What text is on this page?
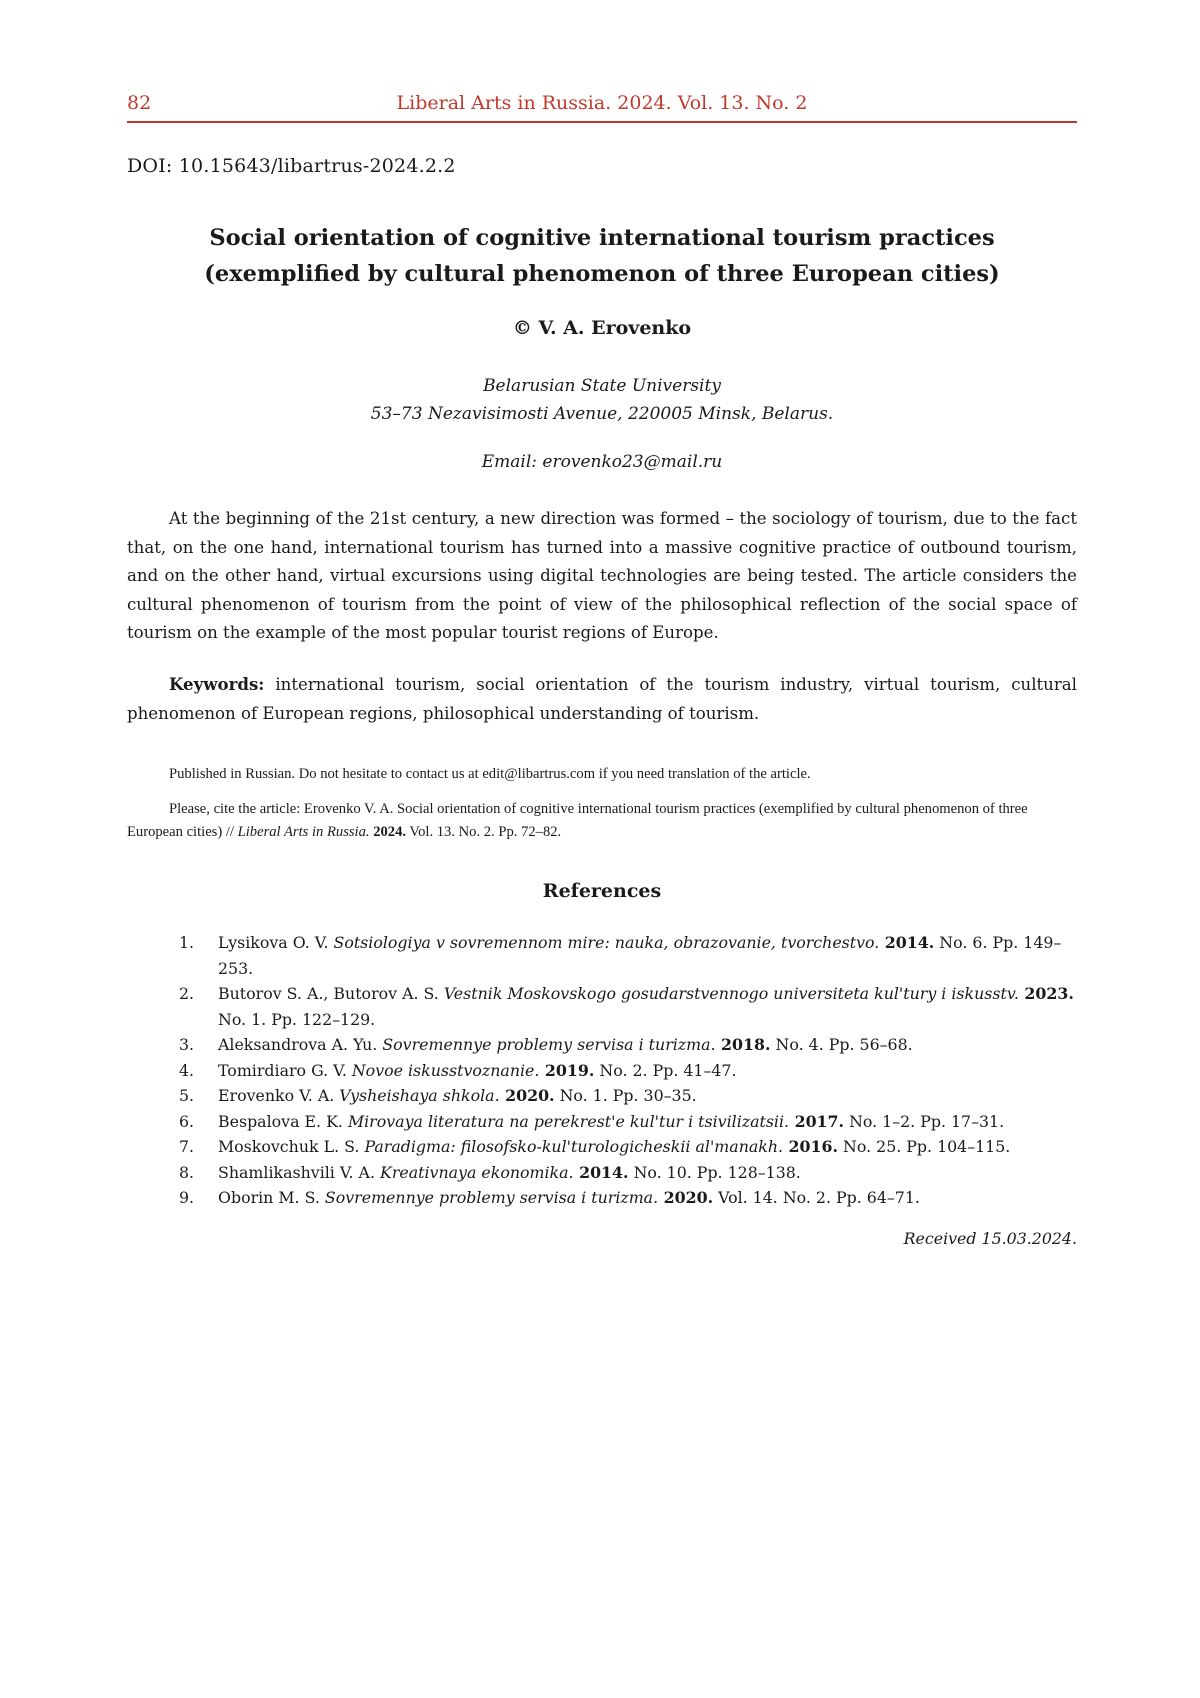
82	Liberal Arts in Russia. 2024. Vol. 13. No. 2
DOI: 10.15643/libartrus-2024.2.2
Social orientation of cognitive international tourism practices
(exemplified by cultural phenomenon of three European cities)
© V. A. Erovenko
Belarusian State University
53–73 Nezavisimosti Avenue, 220005 Minsk, Belarus.
Email: erovenko23@mail.ru

At the beginning of the 21st century, a new direction was formed – the sociology of tourism, due to the fact that, on the one hand, international tourism has turned into a massive cognitive practice of outbound tourism, and on the other hand, virtual excursions using digital technologies are being tested. The article considers the cultural phenomenon of tourism from the point of view of the philosophical reflection of the social space of tourism on the example of the most popular tourist regions of Europe.

Keywords: international tourism, social orientation of the tourism industry, virtual tourism, cultural phenomenon of European regions, philosophical understanding of tourism.

Published in Russian. Do not hesitate to contact us at edit@libartrus.com if you need translation of the article.

Please, cite the article: Erovenko V. A. Social orientation of cognitive international tourism practices (exemplified by cultural phenomenon of three European cities) // Liberal Arts in Russia. 2024. Vol. 13. No. 2. Pp. 72–82.

References
1.	Lysikova O. V. Sotsiologiya v sovremennom mire: nauka, obrazovanie, tvorchestvo. 2014. No. 6. Pp. 149–253.
2.	Butorov S. A., Butorov A. S. Vestnik Moskovskogo gosudarstvennogo universiteta kul'tury i iskusstv. 2023. No. 1. Pp. 122–129.
3.	Aleksandrova A. Yu. Sovremennye problemy servisa i turizma. 2018. No. 4. Pp. 56–68.
4.	Tomirdiaro G. V. Novoe iskusstvoznanie. 2019. No. 2. Pp. 41–47.
5.	Erovenko V. A. Vysheishaya shkola. 2020. No. 1. Pp. 30–35.
6.	Bespalova E. K. Mirovaya literatura na perekrest'e kul'tur i tsivilizatsii. 2017. No. 1–2. Pp. 17–31.
7.	Moskovchuk L. S. Paradigma: filosofsko-kul'turologicheskii al'manakh. 2016. No. 25. Pp. 104–115.
8.	Shamlikashvili V. A. Kreativnaya ekonomika. 2014. No. 10. Pp. 128–138.
9.	Oborin M. S. Sovremennye problemy servisa i turizma. 2020. Vol. 14. No. 2. Pp. 64–71.
Received 15.03.2024.
